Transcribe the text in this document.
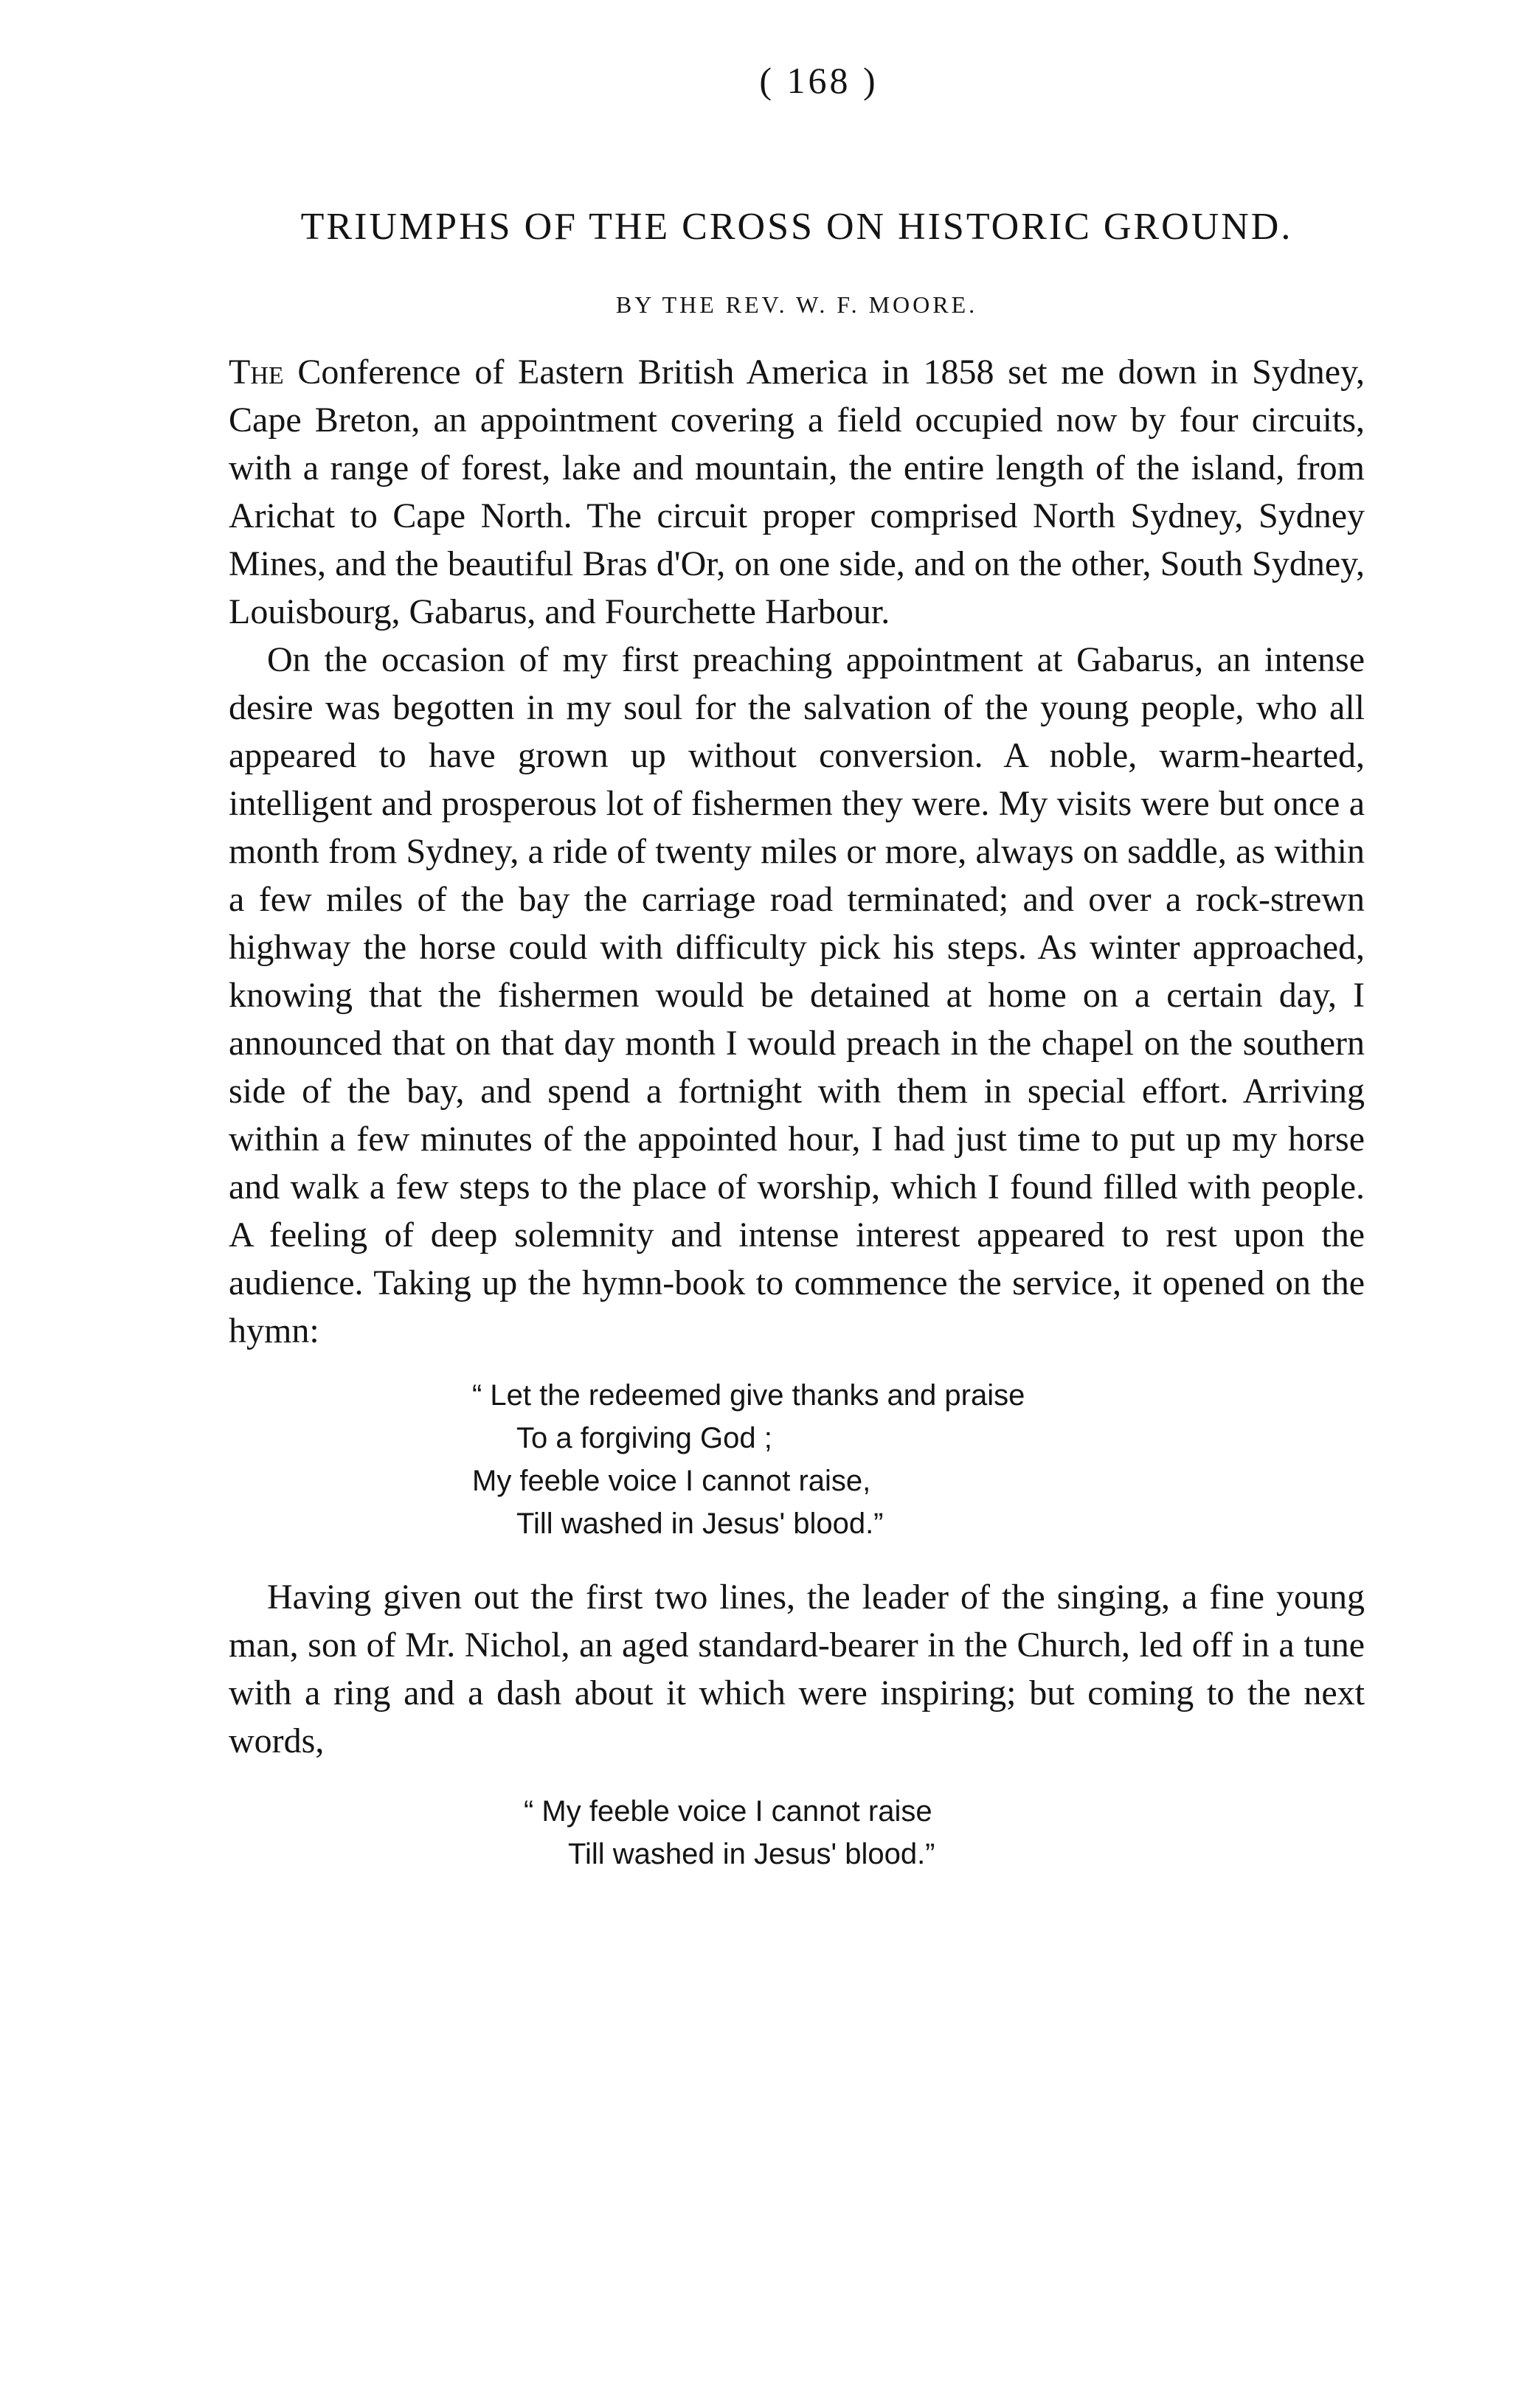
( 168 )
TRIUMPHS OF THE CROSS ON HISTORIC GROUND.
BY THE REV. W. F. MOORE.

The Conference of Eastern British America in 1858 set me down in Sydney, Cape Breton, an appointment covering a field occupied now by four circuits, with a range of forest, lake and mountain, the entire length of the island, from Arichat to Cape North. The circuit proper comprised North Sydney, Sydney Mines, and the beautiful Bras d'Or, on one side, and on the other, South Sydney, Louisbourg, Gabarus, and Fourchette Harbour.

On the occasion of my first preaching appointment at Gabarus, an intense desire was begotten in my soul for the salvation of the young people, who all appeared to have grown up without conversion. A noble, warm-hearted, intelligent and prosperous lot of fishermen they were. My visits were but once a month from Sydney, a ride of twenty miles or more, always on saddle, as within a few miles of the bay the carriage road terminated; and over a rock-strewn highway the horse could with difficulty pick his steps. As winter approached, knowing that the fishermen would be detained at home on a certain day, I announced that on that day month I would preach in the chapel on the southern side of the bay, and spend a fortnight with them in special effort. Arriving within a few minutes of the appointed hour, I had just time to put up my horse and walk a few steps to the place of worship, which I found filled with people. A feeling of deep solemnity and intense interest appeared to rest upon the audience. Taking up the hymn-book to commence the service, it opened on the hymn:

“ Let the redeemed give thanks and praise
To a forgiving God ;
My feeble voice I cannot raise,
Till washed in Jesus' blood.”

Having given out the first two lines, the leader of the singing, a fine young man, son of Mr. Nichol, an aged standard-bearer in the Church, led off in a tune with a ring and a dash about it which were inspiring; but coming to the next words,

“ My feeble voice I cannot raise
Till washed in Jesus' blood.”
